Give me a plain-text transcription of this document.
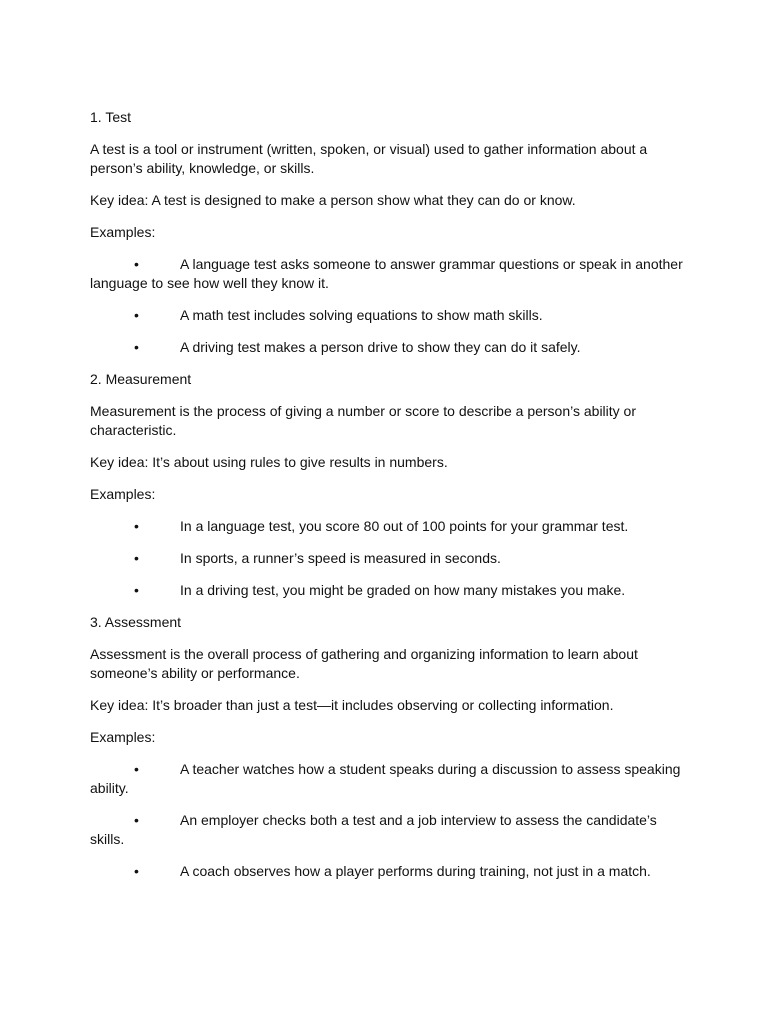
1. Test

A test is a tool or instrument (written, spoken, or visual) used to gather information about a person’s ability, knowledge, or skills.

Key idea: A test is designed to make a person show what they can do or know.

Examples:

•	A language test asks someone to answer grammar questions or speak in another language to see how well they know it.

•	A math test includes solving equations to show math skills.

•	A driving test makes a person drive to show they can do it safely.

2. Measurement

Measurement is the process of giving a number or score to describe a person’s ability or characteristic.

Key idea: It’s about using rules to give results in numbers.

Examples:

•	In a language test, you score 80 out of 100 points for your grammar test.

•	In sports, a runner’s speed is measured in seconds.

•	In a driving test, you might be graded on how many mistakes you make.

3. Assessment

Assessment is the overall process of gathering and organizing information to learn about someone’s ability or performance.

Key idea: It’s broader than just a test—it includes observing or collecting information.

Examples:

•	A teacher watches how a student speaks during a discussion to assess speaking ability.

•	An employer checks both a test and a job interview to assess the candidate’s skills.

•	A coach observes how a player performs during training, not just in a match.
